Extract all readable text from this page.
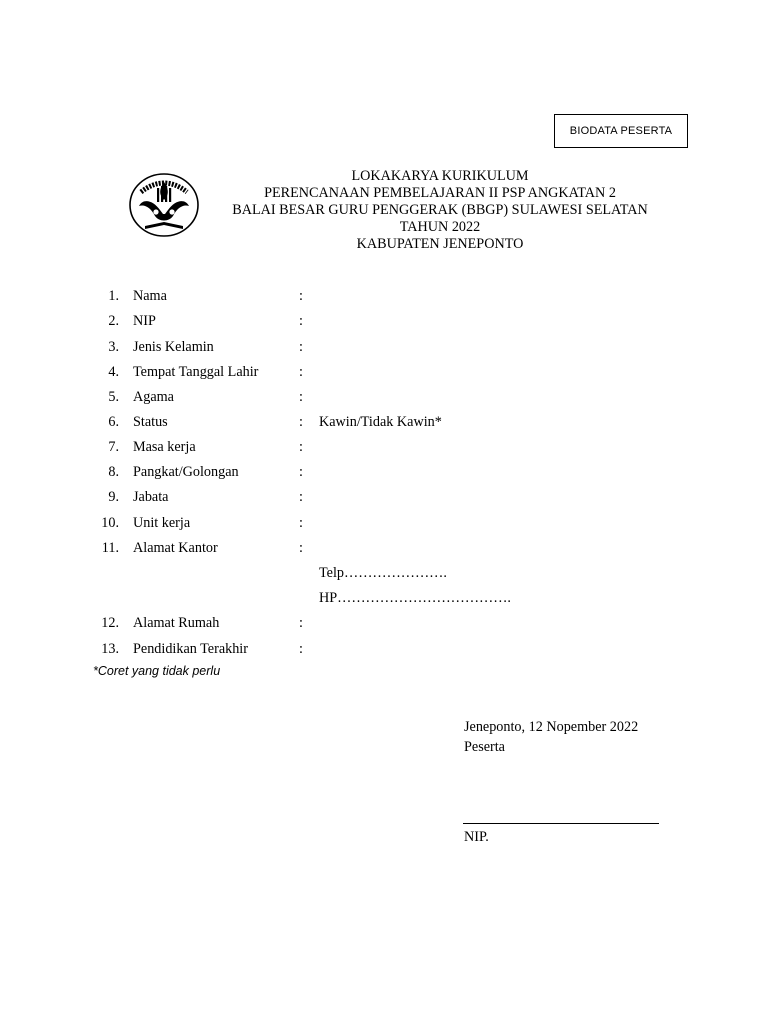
BIODATA PESERTA
LOKAKARYA KURIKULUM
PERENCANAAN PEMBELAJARAN II PSP ANGKATAN 2
BALAI BESAR GURU PENGGERAK (BBGP) SULAWESI SELATAN
TAHUN 2022
KABUPATEN JENEPONTO
1. Nama	:
2. NIP	:
3. Jenis Kelamin	:
4. Tempat Tanggal Lahir	:
5. Agama	:
6. Status	: Kawin/Tidak Kawin*
7. Masa kerja	:
8. Pangkat/Golongan	:
9. Jabata	:
10. Unit kerja	:
11. Alamat Kantor	:
Telp………………….
HP……………………………….
12. Alamat Rumah	:
13. Pendidikan Terakhir	:
*Coret yang tidak perlu
Jeneponto, 12 Nopember 2022
Peserta
NIP.
